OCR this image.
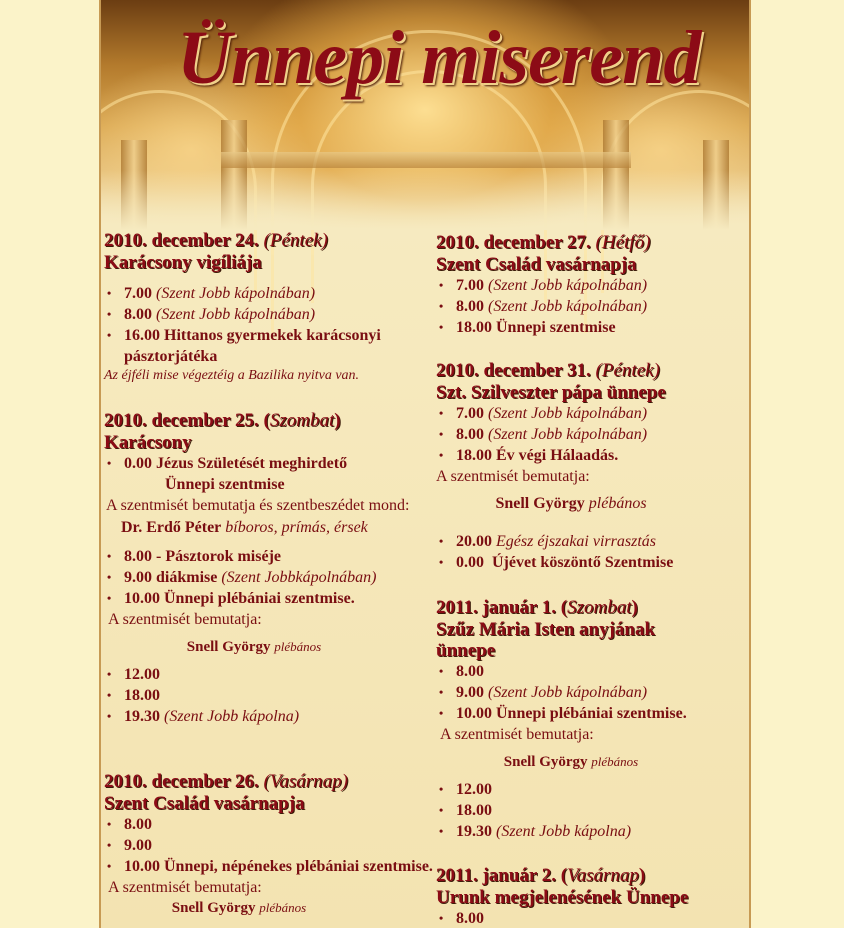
Ünnepi miserend
2010. december 24. (Péntek)
Karácsony vigíliája
• 7.00 (Szent Jobb kápolnában)
• 8.00 (Szent Jobb kápolnában)
• 16.00 Hittanos gyermekek karácsonyi pásztorjátéka
Az éjféli mise végeztéig a Bazilika nyitva van.
2010. december 25. (Szombat)
Karácsony
• 0.00 Jézus Születését meghirdető
Ünnepi szentmise
A szentmisét bemutatja és szentbeszédet mond:
Dr. Erdő Péter bíboros, prímás, érsek
• 8.00 - Pásztorok miséje
• 9.00 diákmise (Szent Jobbkápolnában)
• 10.00 Ünnepi plébániai szentmise.
A szentmisét bemutatja:
Snell György plébános
• 12.00
• 18.00
• 19.30 (Szent Jobb kápolna)
2010. december 26. (Vasárnap)
Szent Család vasárnapja
• 8.00
• 9.00
• 10.00 Ünnepi, népénekes plébániai szentmise.
A szentmisét bemutatja:
Snell György plébános
2010. december 27. (Hétfő)
Szent Család vasárnapja
• 7.00 (Szent Jobb kápolnában)
• 8.00 (Szent Jobb kápolnában)
• 18.00 Ünnepi szentmise
2010. december 31. (Péntek)
Szt. Szilveszter pápa ünnepe
• 7.00 (Szent Jobb kápolnában)
• 8.00 (Szent Jobb kápolnában)
• 18.00 Év végi Hálaadás.
A szentmisét bemutatja:
Snell György plébános
• 20.00 Egész éjszakai virrasztás
• 0.00 Újévet köszöntő Szentmise
2011. január 1. (Szombat)
Szűz Mária Isten anyjának ünnepe
• 8.00
• 9.00 (Szent Jobb kápolnában)
• 10.00 Ünnepi plébániai szentmise.
A szentmisét bemutatja:
Snell György plébános
• 12.00
• 18.00
• 19.30 (Szent Jobb kápolna)
2011. január 2. (Vasárnap)
Urunk megjelenésének Ünnepe
• 8.00
